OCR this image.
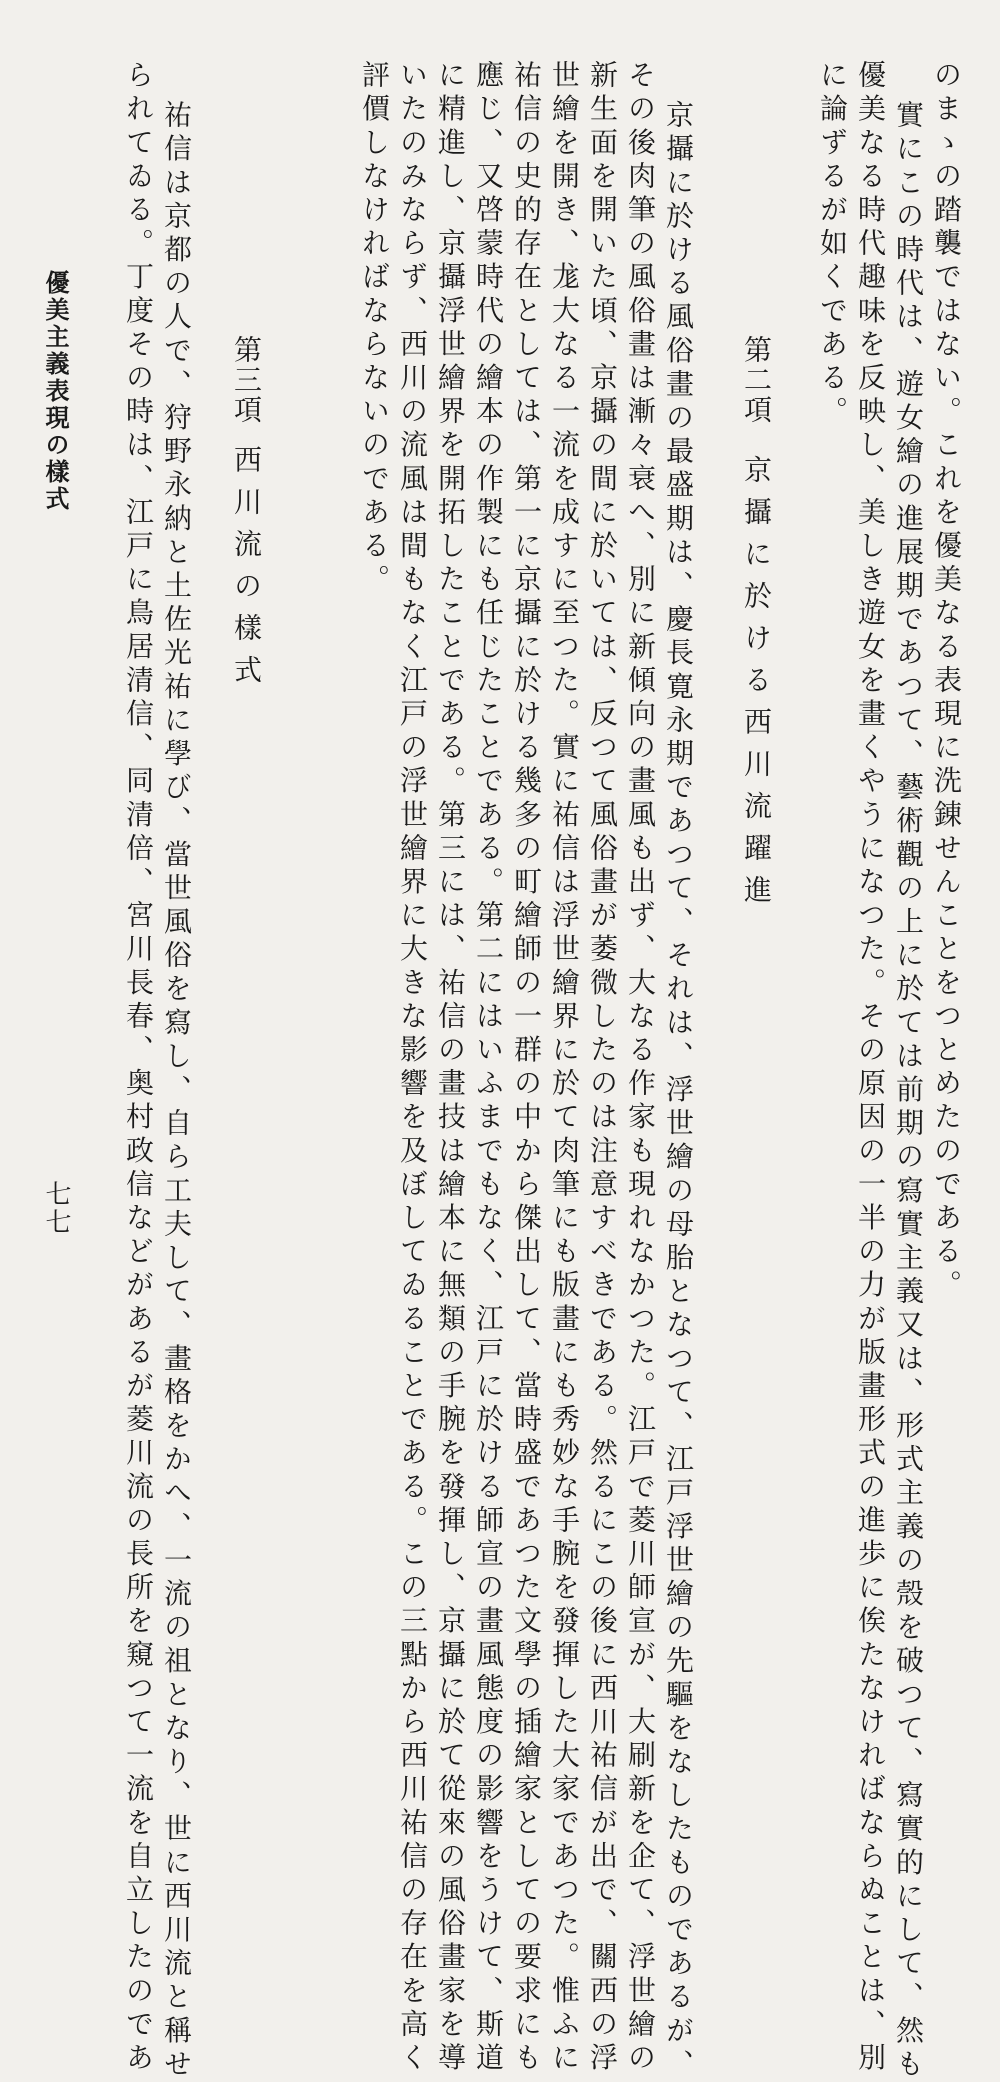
のまゝの踏襲ではない。これを優美なる表現に洗錬せんことをつとめたのである。
實にこの時代は、遊女繪の進展期であつて、藝術觀の上に於ては前期の寫實主義又は、形式主義の殼を破つて、寫實的にして、然も
優美なる時代趣味を反映し、美しき遊女を畫くやうになつた。その原因の一半の力が版畫形式の進歩に俟たなければならぬことは、別
に論ずるが如くである。
第二項
京攝に於ける西川流躍進
京攝に於ける風俗畫の最盛期は、慶長寛永期であつて、それは、浮世繪の母胎となつて、江戸浮世繪の先驅をなしたものであるが、
その後肉筆の風俗畫は漸々衰へ、別に新傾向の畫風も出ず、大なる作家も現れなかつた。江戸で菱川師宣が、大刷新を企て、浮世繪の
新生面を開いた頃、京攝の間に於いては、反つて風俗畫が萎微したのは注意すべきである。然るにこの後に西川祐信が出で、關西の浮
世繪を開き、尨大なる一流を成すに至つた。實に祐信は浮世繪界に於て肉筆にも版畫にも秀妙な手腕を發揮した大家であつた。惟ふに
祐信の史的存在としては、第一に京攝に於ける幾多の町繪師の一群の中から傑出して、當時盛であつた文學の插繪家としての要求にも
應じ、又啓蒙時代の繪本の作製にも任じたことである。第二にはいふまでもなく、江戸に於ける師宣の畫風態度の影響をうけて、斯道
に精進し、京攝浮世繪界を開拓したことである。第三には、祐信の畫技は繪本に無類の手腕を發揮し、京攝に於て從來の風俗畫家を導
いたのみならず、西川の流風は間もなく江戸の浮世繪界に大きな影響を及ぼしてゐることである。この三點から西川祐信の存在を高く
評價しなければならないのである。
第三項
西川流の樣式
祐信は京都の人で、狩野永納と土佐光祐に學び、當世風俗を寫し、自ら工夫して、畫格をかへ、一流の祖となり、世に西川流と稱せ
られてゐる。丁度その時は、江戸に鳥居清信、同清倍、宮川長春、奥村政信などがあるが菱川流の長所を窺つて一流を自立したのであ
優美主義表現の樣式
七七
